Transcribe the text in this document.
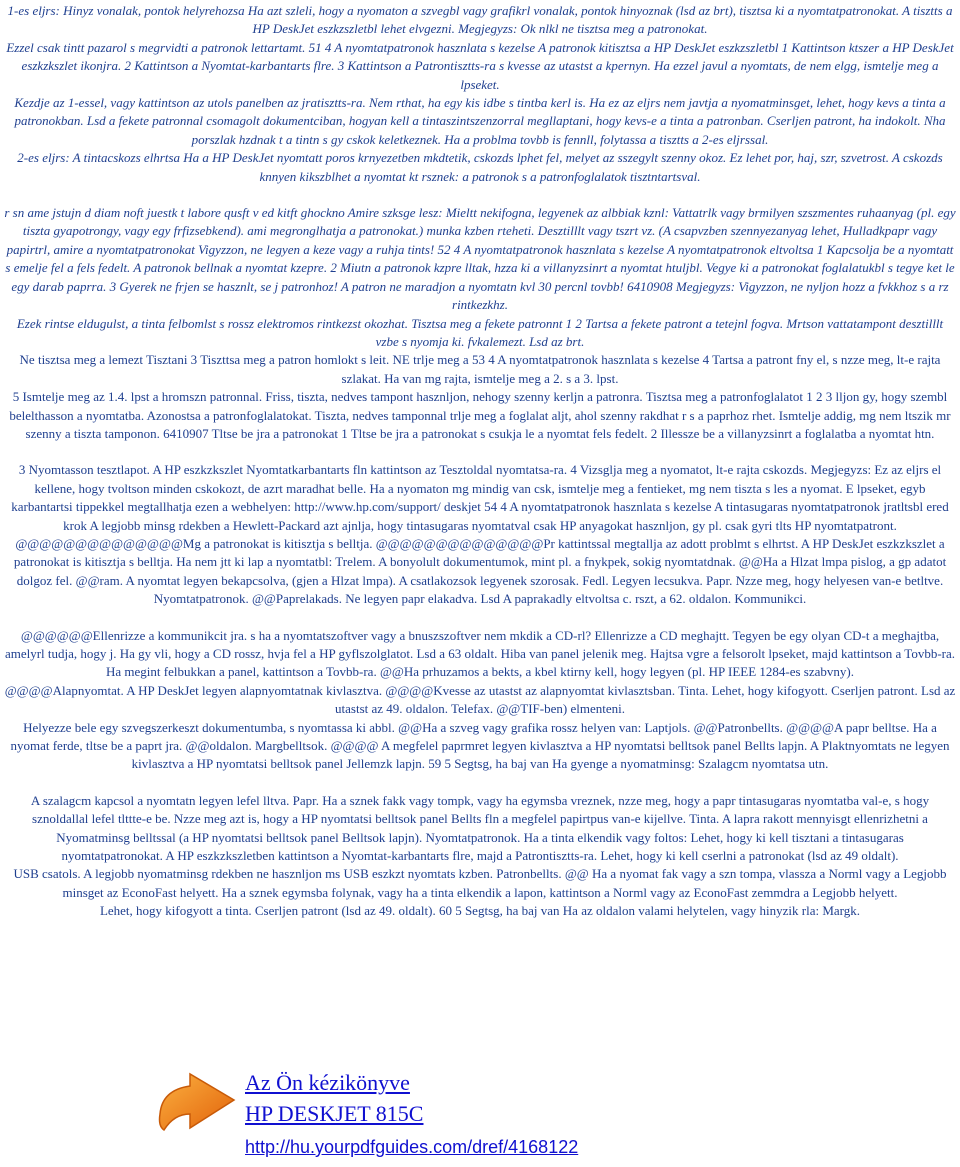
1-es eljrs: Hinyz vonalak, pontok helyrehozsa Ha azt szleli, hogy a nyomaton a szvegbl vagy grafikrl vonalak, pontok hinyoznak (lsd az brt), tisztsa ki a nyomtatpatronokat. A tisztts a HP DeskJet eszkzszletbl lehet elvgezni. Megjegyzs: Ok nlkl ne tisztsa meg a patronokat.

Ezzel csak tintt pazarol s megrvidti a patronok lettartamt. 51 4 A nyomtatpatronok hasznlata s kezelse A patronok kitisztsa a HP DeskJet eszkzszletbl 1 Kattintson ktszer a HP DeskJet eszkzkszlet ikonjra. 2 Kattintson a Nyomtat-karbantarts flre. 3 Kattintson a Patrontisztts-ra s kvesse az utastst a kpernyn. Ha ezzel javul a nyomtats, de nem elgg, ismtelje meg a lpseket.

Kezdje az 1-essel, vagy kattintson az utols panelben az jratisztts-ra. Nem rthat, ha egy kis idbe s tintba kerl is. Ha ez az eljrs nem javtja a nyomatminsget, lehet, hogy kevs a tinta a patronokban. Lsd a fekete patronnal csomagolt dokumentciban, hogyan kell a tintaszintszenzorral megllaptani, hogy kevs-e a tinta a patronban. Cserljen patront, ha indokolt. Nha porszlak hzdnak t a tintn s gy cskok keletkeznek. Ha a problma tovbb is fennll, folytassa a tisztts a 2-es eljrssal.

2-es eljrs: A tintacskozs elhrtsa Ha a HP DeskJet nyomtatt poros krnyezetben mkdtetik, cskozds lphet fel, melyet az sszegylt szenny okoz. Ez lehet por, haj, szr, szvetrost. A cskozds knnyen kikszblhet a nyomtat kt rsznek: a patronok s a patronfoglalatok tisztntartsval.

r sn ame jstujn d diam noft juestk t labore qusft v ed kitft ghockno Amire szksge lesz: Mieltt nekifogna, legyenek az albbiak kznl: Vattatrlk vagy brmilyen szszmentes ruhaanyag (pl. egy tiszta gyapotrongy, vagy egy frfizsebkend). ami megronglhatja a patronokat.) munka kzben rteheti. Desztilllt vagy tszrt vz. (A csapvzben szennyezanyag lehet, Hulladkpapr vagy papirtrl, amire a nyomtatpatronokat Vigyzzon, ne legyen a keze vagy a ruhja tints! 52 4 A nyomtatpatronok hasznlata s kezelse A nyomtatpatronok eltvoltsa 1 Kapcsolja be a nyomtatt s emelje fel a fels fedelt. A patronok bellnak a nyomtat kzepre. 2 Miutn a patronok kzpre lltak, hzza ki a villanyzsinrt a nyomtat htuljbl. Vegye ki a patronokat foglalatukbl s tegye ket le egy darab paprra. 3 Gyerek ne frjen se hasznlt, se j patronhoz! A patron ne maradjon a nyomtatn kvl 30 percnl tovbb! 6410908 Megjegyzs: Vigyzzon, ne nyljon hozz a fvkkhoz s a rz rintkezkhz.

Ezek rintse eldugulst, a tinta felbomlst s rossz elektromos rintkezst okozhat. Tisztsa meg a fekete patronnt 1 2 Tartsa a fekete patront a tetejnl fogva. Mrtson vattatampont desztilllt vzbe s nyomja ki. fvkalemezt. Lsd az brt.

Ne tisztsa meg a lemezt Tisztani 3 Tiszttsa meg a patron homlokt s leit. NE trlje meg a 53 4 A nyomtatpatronok hasznlata s kezelse 4 Tartsa a patront fny el, s nzze meg, lt-e rajta szlakat. Ha van mg rajta, ismtelje meg a 2. s a 3. lpst.

5 Ismtelje meg az 1.4. lpst a hromszn patronnal. Friss, tiszta, nedves tampont hasznljon, nehogy szenny kerljn a patronra. Tisztsa meg a patronfoglalatot 1 2 3 lljon gy, hogy szembl belelthasson a nyomtatba. Azonostsa a patronfoglalatokat. Tiszta, nedves tamponnal trlje meg a foglalat aljt, ahol szenny rakdhat r s a paprhoz rhet. Ismtelje addig, mg nem ltszik mr szenny a tiszta tamponon. 6410907 Tltse be jra a patronokat 1 Tltse be jra a patronokat s csukja le a nyomtat fels fedelt. 2 Illessze be a villanyzsinrt a foglalatba a nyomtat htn.

3 Nyomtasson tesztlapot. A HP eszkzkszlet Nyomtatkarbantarts fln kattintson az Tesztoldal nyomtatsa-ra. 4 Vizsglja meg a nyomatot, lt-e rajta cskozds. Megjegyzs: Ez az eljrs el kellene, hogy tvoltson minden cskokozt, de azrt maradhat belle. Ha a nyomaton mg mindig van csk, ismtelje meg a fentieket, mg nem tiszta s les a nyomat. E lpseket, egyb karbantartsi tippekkel megtallhatja ezen a webhelyen: http://www.hp.com/support/ deskjet 54 4 A nyomtatpatronok hasznlata s kezelse A tintasugaras nyomtatpatronok jratltsbl ered krok A legjobb minsg rdekben a Hewlett-Packard azt ajnlja, hogy tintasugaras nyomtatval csak HP anyagokat hasznljon, gy pl. csak gyri tlts HP nyomtatpatront. @@@@@@@@@@@@@@Mg a patronokat is kitisztja s belltja. @@@@@@@@@@@@@@Pr kattintssal megtallja az adott problmt s elhrtst. A HP DeskJet eszkzkszlet a patronokat is kitisztja s belltja. Ha nem jtt ki lap a nyomtatbl: Trelem. A bonyolult dokumentumok, mint pl. a fnykpek, sokig nyomtatdnak. @@Ha a Hlzat lmpa pislog, a gp adatot dolgoz fel. @@ram. A nyomtat legyen bekapcsolva, (gjen a Hlzat lmpa). A csatlakozsok legyenek szorosak. Fedl. Legyen lecsukva. Papr. Nzze meg, hogy helyesen van-e betltve. Nyomtatpatronok. @@Paprelakads. Ne legyen papr elakadva. Lsd A paprakadly eltvoltsa c. rszt, a 62. oldalon. Kommunikci.

@@@@@@Ellenrizze a kommunikcit jra. s ha a nyomtatszoftver vagy a bnuszszoftver nem mkdik a CD-rl? Ellenrizze a CD meghajtt. Tegyen be egy olyan CD-t a meghajtba, amelyrl tudja, hogy j. Ha gy vli, hogy a CD rossz, hvja fel a HP gyflszolglatot. Lsd a 63 oldalt. Hiba van panel jelenik meg. Hajtsa vgre a felsorolt lpseket, majd kattintson a Tovbb-ra. Ha megint felbukkan a panel, kattintson a Tovbb-ra. @@Ha prhuzamos a bekts, a kbel ktirny kell, hogy legyen (pl. HP IEEE 1284-es szabvny).

@@@@Alapnyomtat. A HP DeskJet legyen alapnyomtatnak kivlasztva. @@@@Kvesse az utastst az alapnyomtat kivlasztsban. Tinta. Lehet, hogy kifogyott. Cserljen patront. Lsd az utastst az 49. oldalon. Telefax. @@TIF-ben) elmenteni.

Helyezze bele egy szvegszerkeszt dokumentumba, s nyomtassa ki abbl. @@Ha a szveg vagy grafika rossz helyen van: Laptjols. @@Patronbellts. @@@@A papr belltse. Ha a nyomat ferde, tltse be a paprt jra. @@oldalon. Margbelltsok. @@@@ A megfelel paprmret legyen kivlasztva a HP nyomtatsi belltsok panel Bellts lapjn. A Plaktnyomtats ne legyen kivlasztva a HP nyomtatsi belltsok panel Jellemzk lapjn. 59 5 Segtsg, ha baj van Ha gyenge a nyomatminsg: Szalagcm nyomtatsa utn.

A szalagcm kapcsol a nyomtatn legyen lefel lltva. Papr. Ha a sznek fakk vagy tompk, vagy ha egymsba vreznek, nzze meg, hogy a papr tintasugaras nyomtatba val-e, s hogy sznoldallal lefel tlttte-e be. Nzze meg azt is, hogy a HP nyomtatsi belltsok panel Bellts fln a megfelel papirtpus van-e kijellve. Tinta. A lapra rakott mennyisgt ellenrizhetni a Nyomatminsg belltssal (a HP nyomtatsi belltsok panel Belltsok lapjn). Nyomtatpatronok. Ha a tinta elkendik vagy foltos: Lehet, hogy ki kell tisztani a tintasugaras nyomtatpatronokat. A HP eszkzkszletben kattintson a Nyomtat-karbantarts flre, majd a Patrontisztts-ra. Lehet, hogy ki kell cserlni a patronokat (lsd az 49 oldalt).

USB csatols. A legjobb nyomatminsg rdekben ne hasznljon ms USB eszkzt nyomtats kzben. Patronbellts. @@ Ha a nyomat fak vagy a szn tompa, vlassza a Norml vagy a Legjobb minsget az EconoFast helyett. Ha a sznek egymsba folynak, vagy ha a tinta elkendik a lapon, kattintson a Norml vagy az EconoFast zemmdra a Legjobb helyett.

Lehet, hogy kifogyott a tinta. Cserljen patront (lsd az 49. oldalt). 60 5 Segtsg, ha baj van Ha az oldalon valami helytelen, vagy hinyzik rla: Margk.

Az Ön kézikönyve
HP DESKJET 815C
http://hu.yourpdfguides.com/dref/4168122
